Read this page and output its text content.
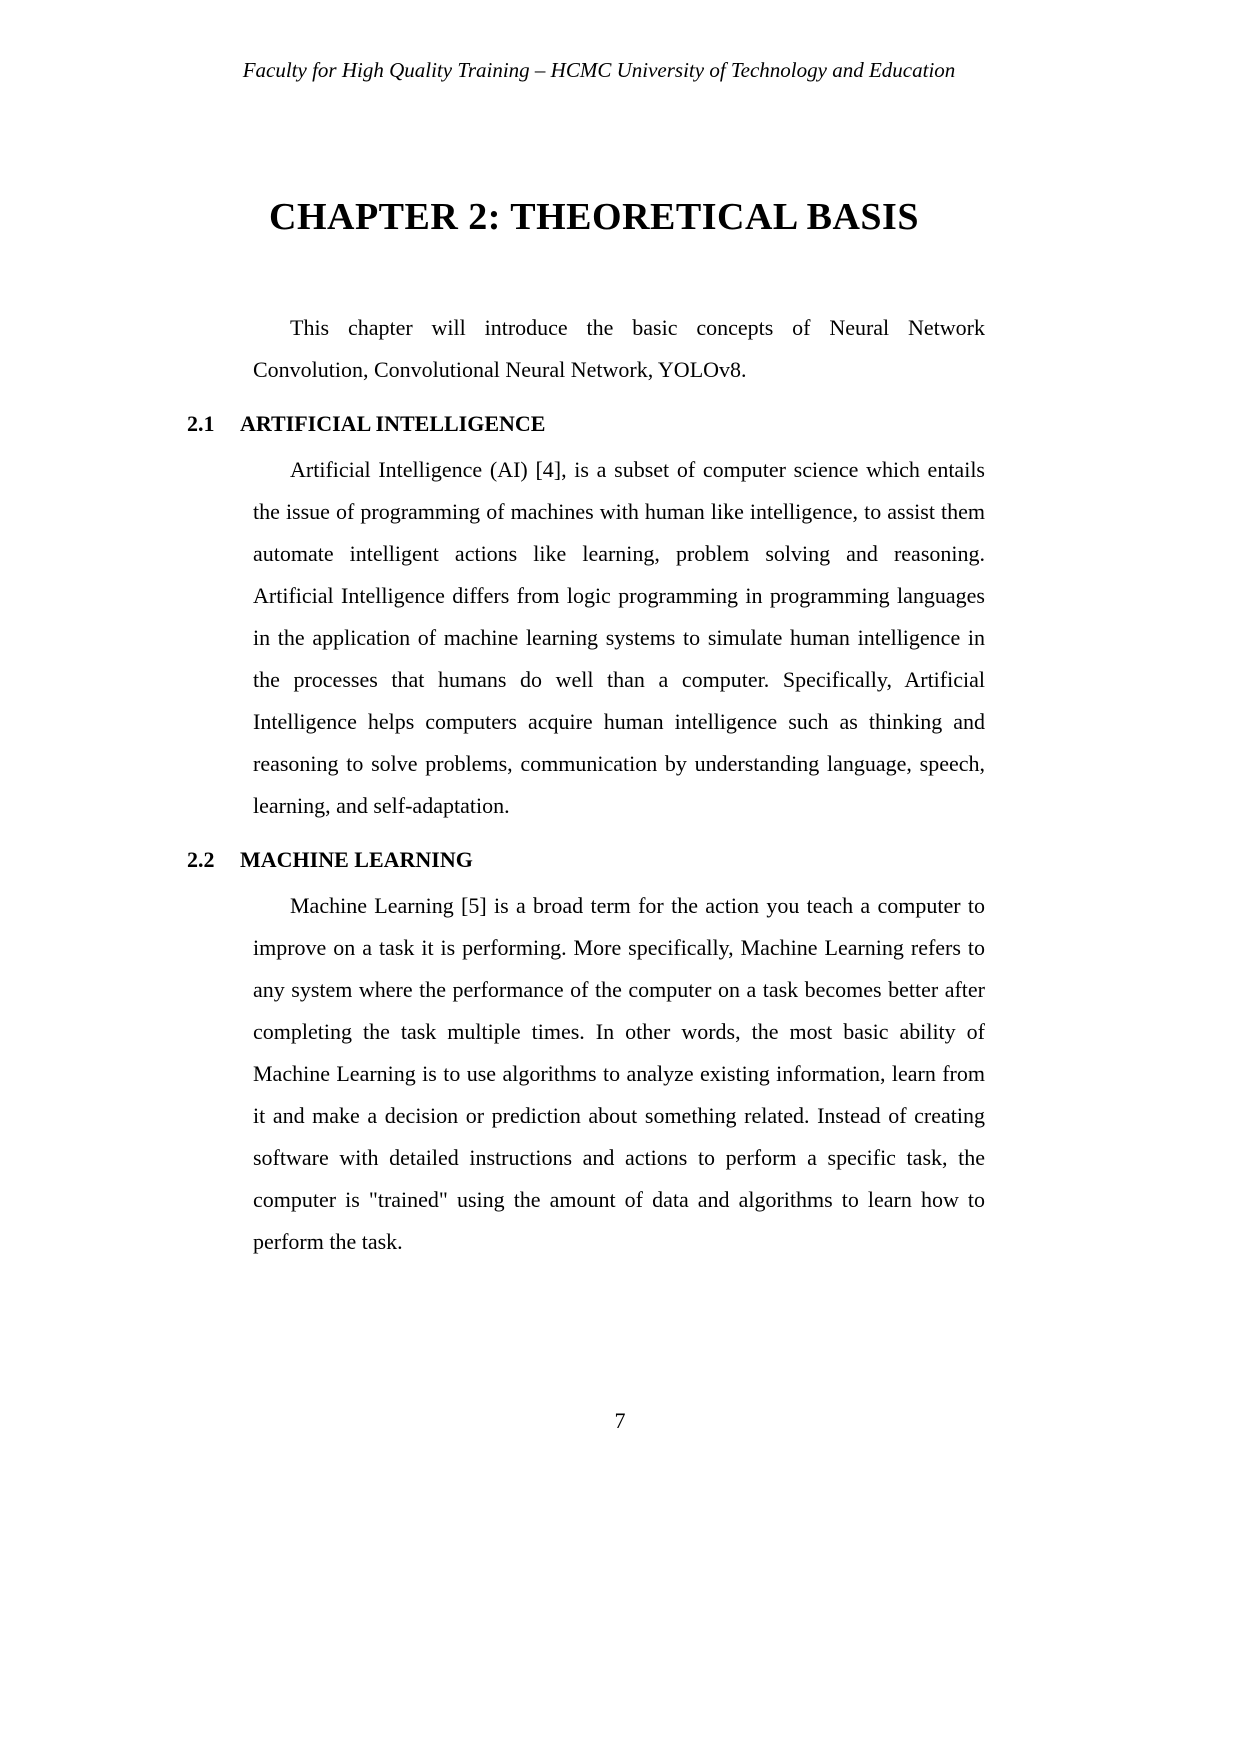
Faculty for High Quality Training – HCMC University of Technology and Education
CHAPTER 2: THEORETICAL BASIS

This chapter will introduce the basic concepts of Neural Network Convolution, Convolutional Neural Network, YOLOv8.

2.1 ARTIFICIAL INTELLIGENCE

Artificial Intelligence (AI) [4], is a subset of computer science which entails the issue of programming of machines with human like intelligence, to assist them automate intelligent actions like learning, problem solving and reasoning. Artificial Intelligence differs from logic programming in programming languages in the application of machine learning systems to simulate human intelligence in the processes that humans do well than a computer. Specifically, Artificial Intelligence helps computers acquire human intelligence such as thinking and reasoning to solve problems, communication by understanding language, speech, learning, and self-adaptation.

2.2 MACHINE LEARNING

Machine Learning [5] is a broad term for the action you teach a computer to improve on a task it is performing. More specifically, Machine Learning refers to any system where the performance of the computer on a task becomes better after completing the task multiple times. In other words, the most basic ability of Machine Learning is to use algorithms to analyze existing information, learn from it and make a decision or prediction about something related. Instead of creating software with detailed instructions and actions to perform a specific task, the computer is "trained" using the amount of data and algorithms to learn how to perform the task.

7
